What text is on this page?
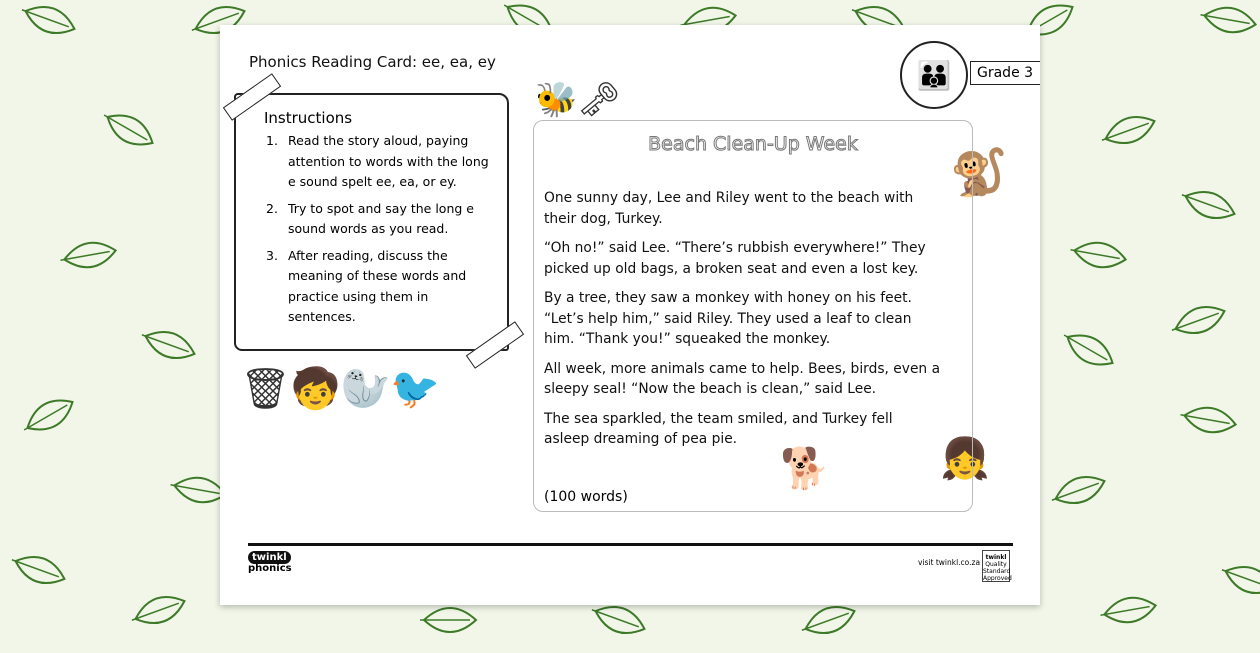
Phonics Reading Card: ee, ea, ey	👪	Grade 3
Instructions
1. Read the story aloud, paying attention to words with the long e sound spelt ee, ea, or ey.
2. Try to spot and say the long e sound words as you read.
3. After reading, discuss the meaning of these words and practice using them in sentences.
🐝🗝
🐒
🗑🧒🦭🐦
🐕	👧
Beach Clean-Up Week
One sunny day, Lee and Riley went to the beach with their dog, Turkey.
“Oh no!” said Lee. “There’s rubbish everywhere!” They picked up old bags, a broken seat and even a lost key.
By a tree, they saw a monkey with honey on his feet. “Let’s help him,” said Riley. They used a leaf to clean him. “Thank you!” squeaked the monkey.
All week, more animals came to help. Bees, birds, even a sleepy seal! “Now the beach is clean,” said Lee.
The sea sparkled, the team smiled, and Turkey fell asleep dreaming of pea pie.
(100 words)
twinkl
phonics
visit twinkl.co.za
twinkl
Quality Standard Approved
